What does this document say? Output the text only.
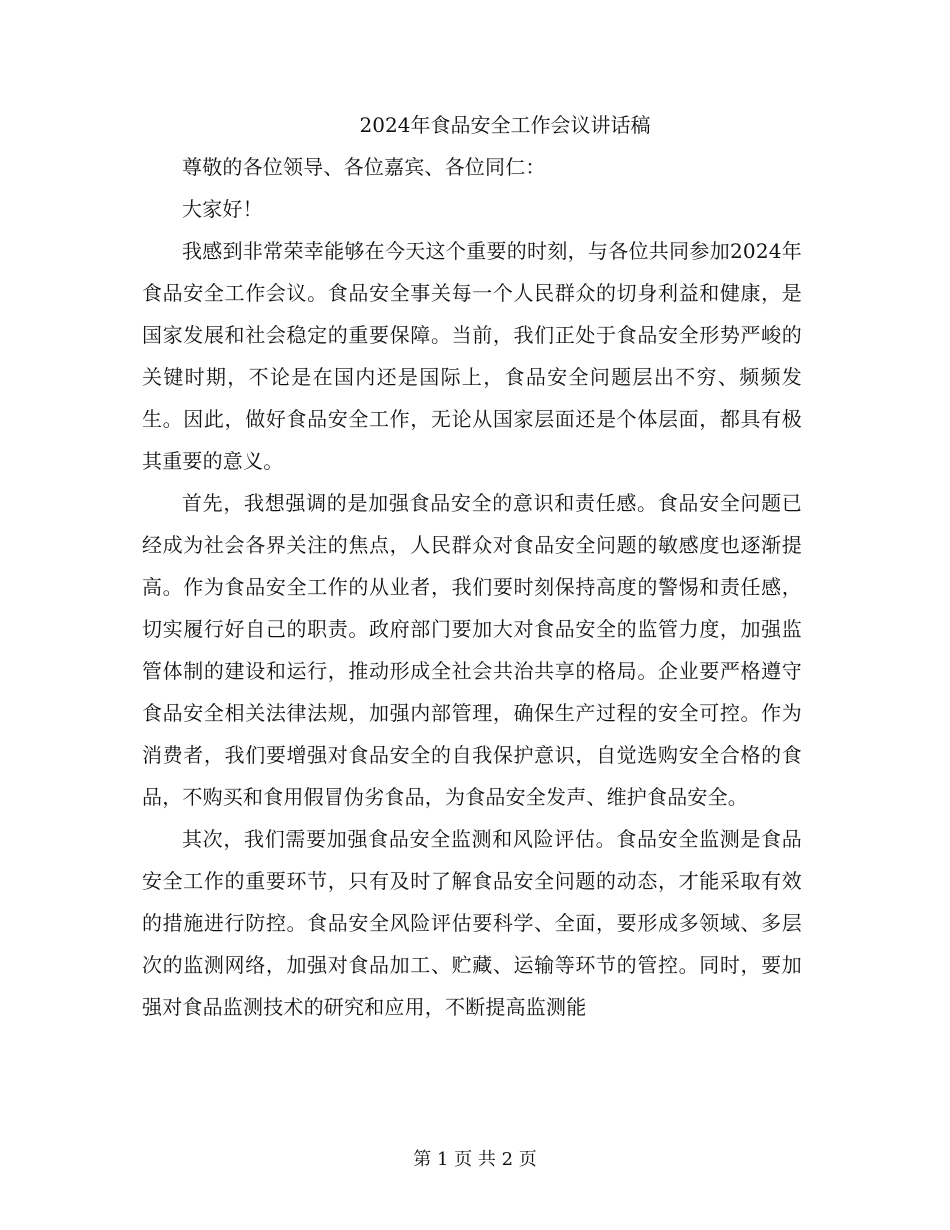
2024年食品安全工作会议讲话稿

尊敬的各位领导、各位嘉宾、各位同仁：

大家好！

我感到非常荣幸能够在今天这个重要的时刻，与各位共同参加2024年食品安全工作会议。食品安全事关每一个人民群众的切身利益和健康，是国家发展和社会稳定的重要保障。当前，我们正处于食品安全形势严峻的关键时期，不论是在国内还是国际上，食品安全问题层出不穷、频频发生。因此，做好食品安全工作，无论从国家层面还是个体层面，都具有极其重要的意义。

首先，我想强调的是加强食品安全的意识和责任感。食品安全问题已经成为社会各界关注的焦点，人民群众对食品安全问题的敏感度也逐渐提高。作为食品安全工作的从业者，我们要时刻保持高度的警惕和责任感，切实履行好自己的职责。政府部门要加大对食品安全的监管力度，加强监管体制的建设和运行，推动形成全社会共治共享的格局。企业要严格遵守食品安全相关法律法规，加强内部管理，确保生产过程的安全可控。作为消费者，我们要增强对食品安全的自我保护意识，自觉选购安全合格的食品，不购买和食用假冒伪劣食品，为食品安全发声、维护食品安全。

其次，我们需要加强食品安全监测和风险评估。食品安全监测是食品安全工作的重要环节，只有及时了解食品安全问题的动态，才能采取有效的措施进行防控。食品安全风险评估要科学、全面，要形成多领域、多层次的监测网络，加强对食品加工、贮藏、运输等环节的管控。同时，要加强对食品监测技术的研究和应用，不断提高监测能

第 1 页 共 2 页
